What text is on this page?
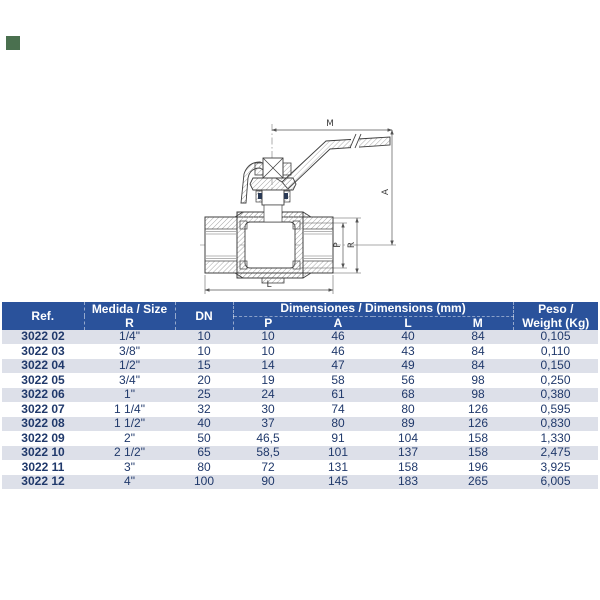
M
A
P R
L
Ref.	Medida / Size	DN	Dimensiones / Dimensions (mm)				Peso /
	R		P	A	L	M	Weight (Kg)
3022 02	1/4"	10	10	46	40	84	0,105
3022 03	3/8"	10	10	46	43	84	0,110
3022 04	1/2"	15	14	47	49	84	0,150
3022 05	3/4"	20	19	58	56	98	0,250
3022 06	1"	25	24	61	68	98	0,380
3022 07	1 1/4"	32	30	74	80	126	0,595
3022 08	1 1/2"	40	37	80	89	126	0,830
3022 09	2"	50	46,5	91	104	158	1,330
3022 10	2 1/2"	65	58,5	101	137	158	2,475
3022 11	3"	80	72	131	158	196	3,925
3022 12	4"	100	90	145	183	265	6,005
